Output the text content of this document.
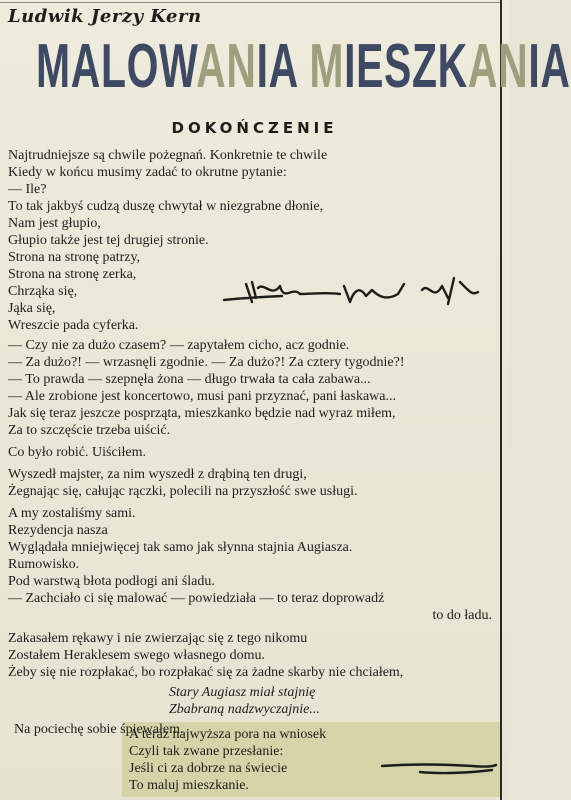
Ludwik Jerzy Kern
MALOWANIA MIESZKANIA
DOKOŃCZENIE
Najtrudniejsze są chwile pożegnań. Konkretnie te chwile
Kiedy w końcu musimy zadać to okrutne pytanie:
— Ile?
To tak jakbyś cudzą duszę chwytał w niezgrabne dłonie,
Nam jest głupio,
Głupio także jest tej drugiej stronie.
Strona na stronę patrzy,
Strona na stronę zerka,
Chrząka się,
Jąka się,
Wreszcie pada cyferka.
— Czy nie za dużo czasem? — zapytałem cicho, acz godnie.
— Za dużo?! — wrzasnęli zgodnie. — Za dużo?! Za cztery tygodnie?!
— To prawda — szepnęła żona — długo trwała ta cała zabawa...
— Ale zrobione jest koncertowo, musi pani przyznać, pani łaskawa...
Jak się teraz jeszcze posprząta, mieszkanko będzie nad wyraz miłem,
Za to szczęście trzeba uiścić.
Co było robić. Uiściłem.
Wyszedł majster, za nim wyszedł z drąbiną ten drugi,
Żegnając się, całując rączki, polecili na przyszłość swe usługi.
A my zostaliśmy sami.
Rezydencja nasza
Wyglądała mniejwięcej tak samo jak słynna stajnia Augiasza.
Rumowisko.
Pod warstwą błota podłogi ani śladu.
— Zachciało ci się malować — powiedziała — to teraz doprowadź
to do ładu.
Zakasałem rękawy i nie zwierzając się z tego nikomu
Zostałem Heraklesem swego własnego domu.
Żeby się nie rozpłakać, bo rozpłakać się za żadne skarby nie chciałem,
Stary Augiasz miał stajnię
Zbabraną nadzwyczajnie...
Na pociechę sobie śpiewałem.
A teraz najwyższa pora na wniosek
Czyli tak zwane przesłanie:
Jeśli ci za dobrze na świecie
To maluj mieszkanie.
